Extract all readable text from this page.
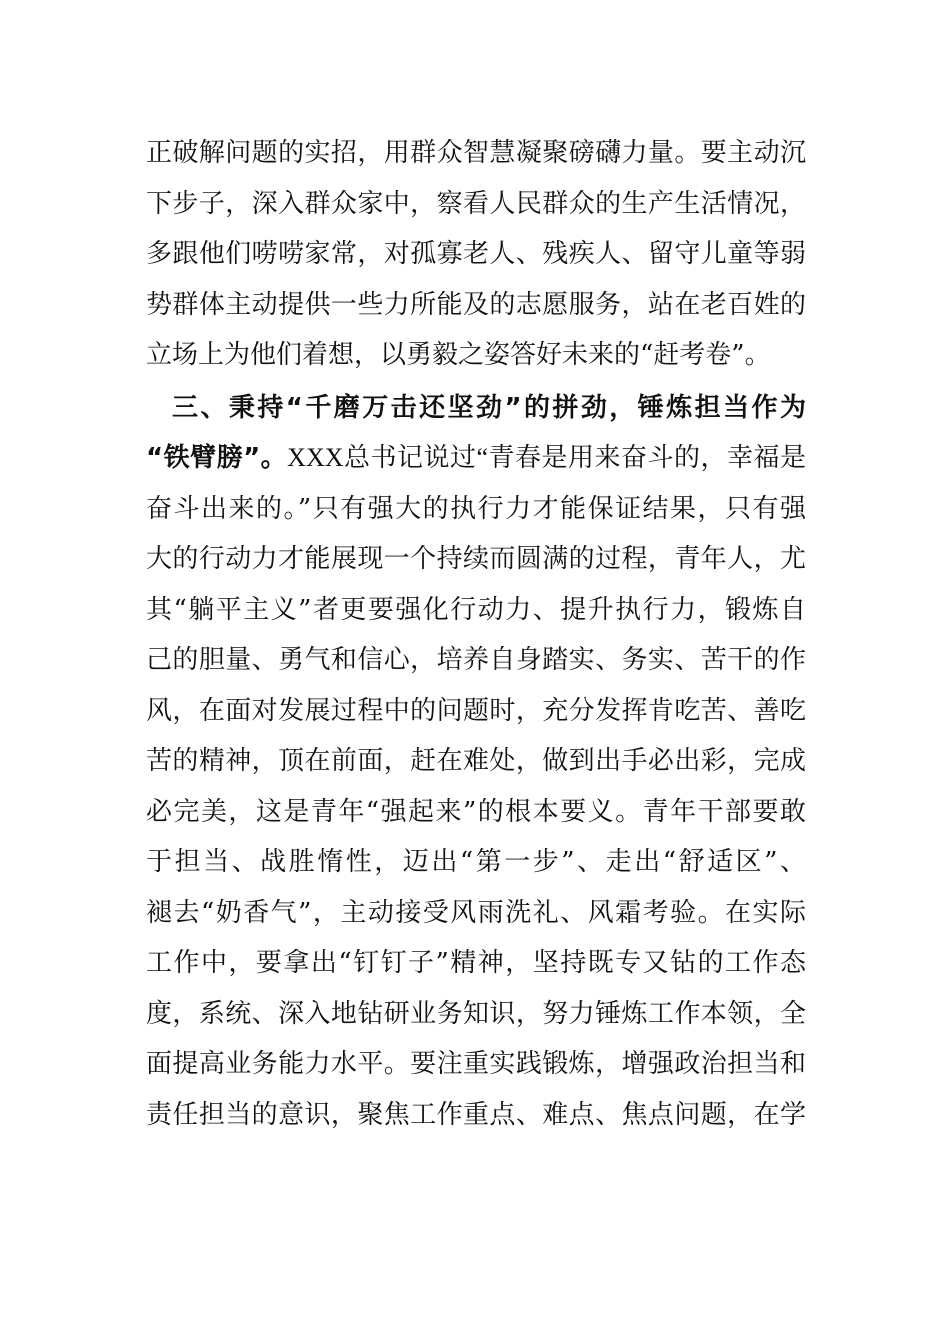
正破解问题的实招，用群众智慧凝聚磅礴力量。要主动沉
下步子，深入群众家中，察看人民群众的生产生活情况，
多跟他们唠唠家常，对孤寡老人、残疾人、留守儿童等弱
势群体主动提供一些力所能及的志愿服务，站在老百姓的
立场上为他们着想，以勇毅之姿答好未来的“赶考卷”。
三、秉持“千磨万击还坚劲”的拼劲，锤炼担当作为
“铁臂膀”。XXX总书记说过“青春是用来奋斗的，幸福是
奋斗出来的。”只有强大的执行力才能保证结果，只有强
大的行动力才能展现一个持续而圆满的过程，青年人，尤
其“躺平主义”者更要强化行动力、提升执行力，锻炼自
己的胆量、勇气和信心，培养自身踏实、务实、苦干的作
风，在面对发展过程中的问题时，充分发挥肯吃苦、善吃
苦的精神，顶在前面，赶在难处，做到出手必出彩，完成
必完美，这是青年“强起来”的根本要义。青年干部要敢
于担当、战胜惰性，迈出“第一步”、走出“舒适区”、
褪去“奶香气”，主动接受风雨洗礼、风霜考验。在实际
工作中，要拿出“钉钉子”精神，坚持既专又钻的工作态
度，系统、深入地钻研业务知识，努力锤炼工作本领，全
面提高业务能力水平。要注重实践锻炼，增强政治担当和
责任担当的意识，聚焦工作重点、难点、焦点问题，在学
